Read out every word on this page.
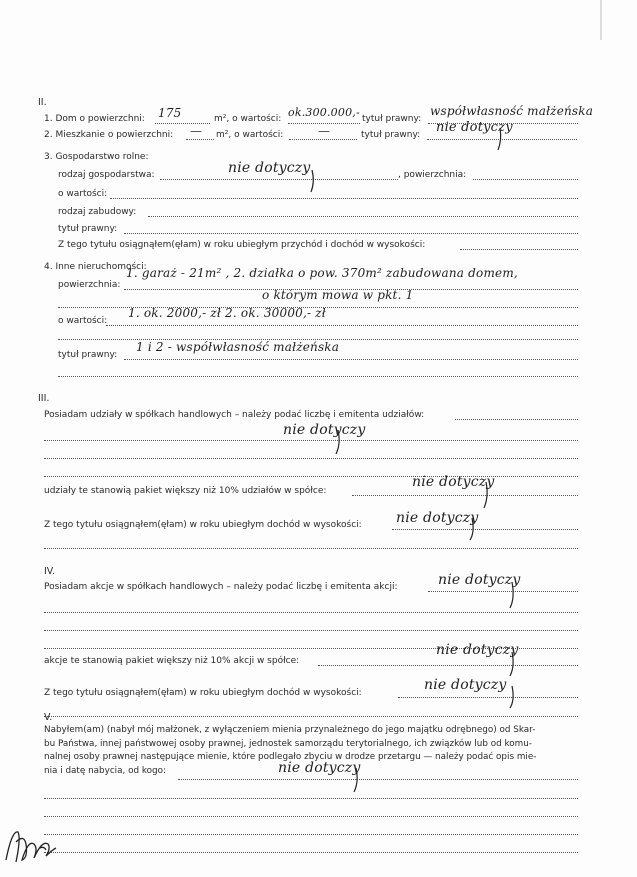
II.
1. Dom o powierzchni: 175	m², o wartości: ok.300.000,- tytuł prawny:
współwłasność małżeńska
2. Mieszkanie o powierzchni: — m², o wartości:	—	tytuł prawny: nie dotyczy
3. Gospodarstwo rolne:
rodzaj gospodarstwa:	nie dotyczy	, powierzchnia:
o wartości:
rodzaj zabudowy:
tytuł prawny:
Z tego tytułu osiągnąłem(ęłam) w roku ubiegłym przychód i dochód w wysokości:
4. Inne nieruchomości:
powierzchnia:
1. garaż - 21m² , 2. działka o pow. 370m² zabudowana domem,
o którym mowa w pkt. 1
o wartości:
1. ok. 2000,- zł 2. ok. 30000,- zł
tytuł prawny:
1 i 2 - współwłasność małżeńska
III.
Posiadam udziały w spółkach handlowych – należy podać liczbę i emitenta udziałów:
nie dotyczy
udziały te stanowią pakiet większy niż 10% udziałów w spółce:
nie dotyczy
Z tego tytułu osiągnąłem(ęłam) w roku ubiegłym dochód w wysokości: nie dotyczy
IV.
Posiadam akcje w spółkach handlowych – należy podać liczbę i emitenta akcji:	nie dotyczy
akcje te stanowią pakiet większy niż 10% akcji w spółce:
nie dotyczy
Z tego tytułu osiągnąłem(ęłam) w roku ubiegłym dochód w wysokości:	nie dotyczy
V.
Nabyłem(am) (nabył mój małżonek, z wyłączeniem mienia przynależnego do jego majątku odrębnego) od Skar-
bu Państwa, innej państwowej osoby prawnej, jednostek samorządu terytorialnego, ich związków lub od komu-
nalnej osoby prawnej następujące mienie, które podlegało zbyciu w drodze przetargu — należy podać opis mie-
nia i datę nabycia, od kogo:	nie dotyczy
